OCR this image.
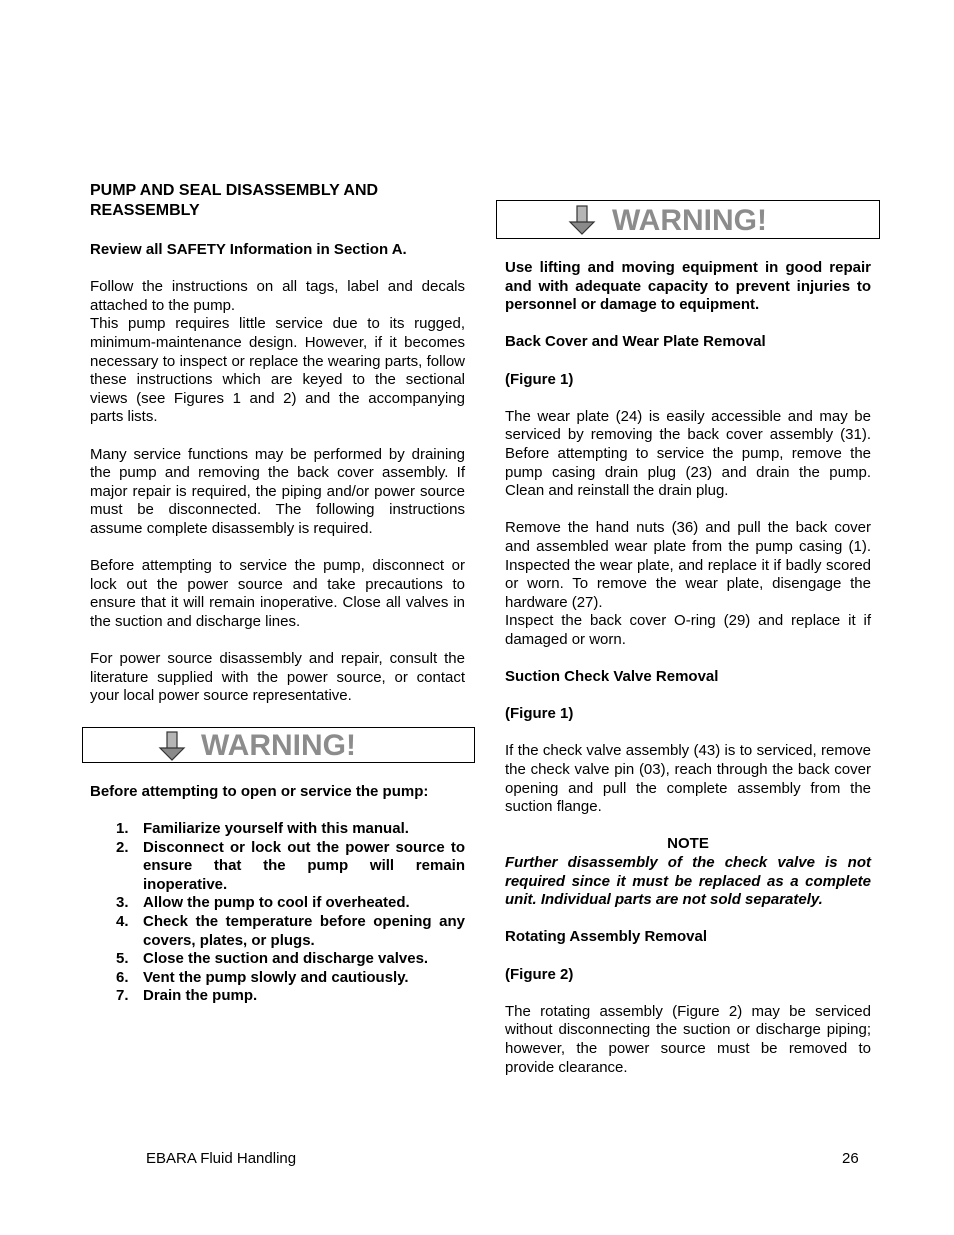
PUMP AND SEAL DISASSEMBLY AND REASSEMBLY

Review all SAFETY Information in Section A.

Follow the instructions on all tags, label and decals attached to the pump.

This pump requires little service due to its rugged, minimum-maintenance design. However, if it becomes necessary to inspect or replace the wearing parts, follow these instructions which are keyed to the sectional views (see Figures 1 and 2) and the accompanying parts lists.

Many service functions may be performed by draining the pump and removing the back cover assembly. If major repair is required, the piping and/or power source must be disconnected. The following instructions assume complete disassembly is required.

Before attempting to service the pump, disconnect or lock out the power source and take precautions to ensure that it will remain inoperative. Close all valves in the suction and discharge lines.

For power source disassembly and repair, consult the literature supplied with the power source, or contact your local power source representative.

WARNING!

Before attempting to open or service the pump:

1. Familiarize yourself with this manual.
2. Disconnect or lock out the power source to ensure that the pump will remain inoperative.
3. Allow the pump to cool if overheated.
4. Check the temperature before opening any covers, plates, or plugs.
5. Close the suction and discharge valves.
6. Vent the pump slowly and cautiously.
7. Drain the pump.
WARNING!

Use lifting and moving equipment in good repair and with adequate capacity to prevent injuries to personnel or damage to equipment.

Back Cover and Wear Plate Removal

(Figure 1)

The wear plate (24) is easily accessible and may be serviced by removing the back cover assembly (31). Before attempting to service the pump, remove the pump casing drain plug (23) and drain the pump. Clean and reinstall the drain plug.

Remove the hand nuts (36) and pull the back cover and assembled wear plate from the pump casing (1). Inspected the wear plate, and replace it if badly scored or worn. To remove the wear plate, disengage the hardware (27).

Inspect the back cover O-ring (29) and replace it if damaged or worn.

Suction Check Valve Removal

(Figure 1)

If the check valve assembly (43) is to serviced, remove the check valve pin (03), reach through the back cover opening and pull the complete assembly from the suction flange.

NOTE

Further disassembly of the check valve is not required since it must be replaced as a complete unit. Individual parts are not sold separately.

Rotating Assembly Removal

(Figure 2)

The rotating assembly (Figure 2) may be serviced without disconnecting the suction or discharge piping; however, the power source must be removed to provide clearance.

EBARA Fluid Handling	26
